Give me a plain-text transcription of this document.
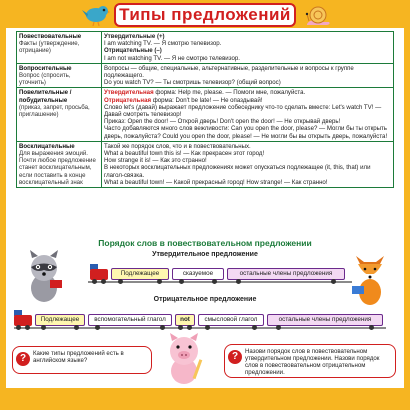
Типы предложений
Повествовательные
Факты (утверждение, отрицание)	Утвердительные (+)
I am watching TV. — Я смотрю телевизор.
Отрицательные (–)
I am not watching TV. — Я не смотрю телевизор.

Вопросительные
Вопрос (спросить, уточнить)	Вопросы — общие, специальные, альтернативные, разделительные и вопросы к группе подлежащего.
Do you watch TV? — Ты смотришь телевизор? (общий вопрос)

Повелительные / побудительные
(приказ, запрет, просьба, приглашение)	Утвердительная форма: Help me, please. — Помоги мне, пожалуйста.
Отрицательная форма: Don't be late! — Не опаздывай!
Слово let's (давай) выражает предложение собеседнику что-то сделать вместе: Let's watch TV! — Давай смотреть телевизор!
Приказ: Open the door! — Открой дверь! Don't open the door! — Не открывай дверь!
Часто добавляются много слов вежливости: Can you open the door, please? — Могли бы ты открыть дверь, пожалуйста? Could you open the door, please! — Не могли бы вы открыть дверь, пожалуйста!

Восклицательные
Для выражения эмоций. Почти любое предложение станет восклицательным, если поставить в конце восклицательный знак	Такой же порядок слов, что и в повествовательных.
What a beautiful town this is! — Как прекрасен этот город!
How strange it is! — Как это странно!
В некоторых восклицательных предложениях может опускаться подлежащее (it, this, that) или глагол-связка.
What a beautiful town! — Какой прекрасный город! How strange! — Как странно!
Порядок слов в повествовательном предложении
Утвердительное предложение
Подлежащее	сказуемое	остальные члены предложения
Отрицательное предложение
Подлежащее	вспомогательный глагол	not	смысловой глагол	остальные члены предложения
?	Какие типы предложений есть в английском языке?	?	Назови порядок слов в повествовательном утвердительном предложении. Назови порядок слов в повествовательном отрицательном предложении.
